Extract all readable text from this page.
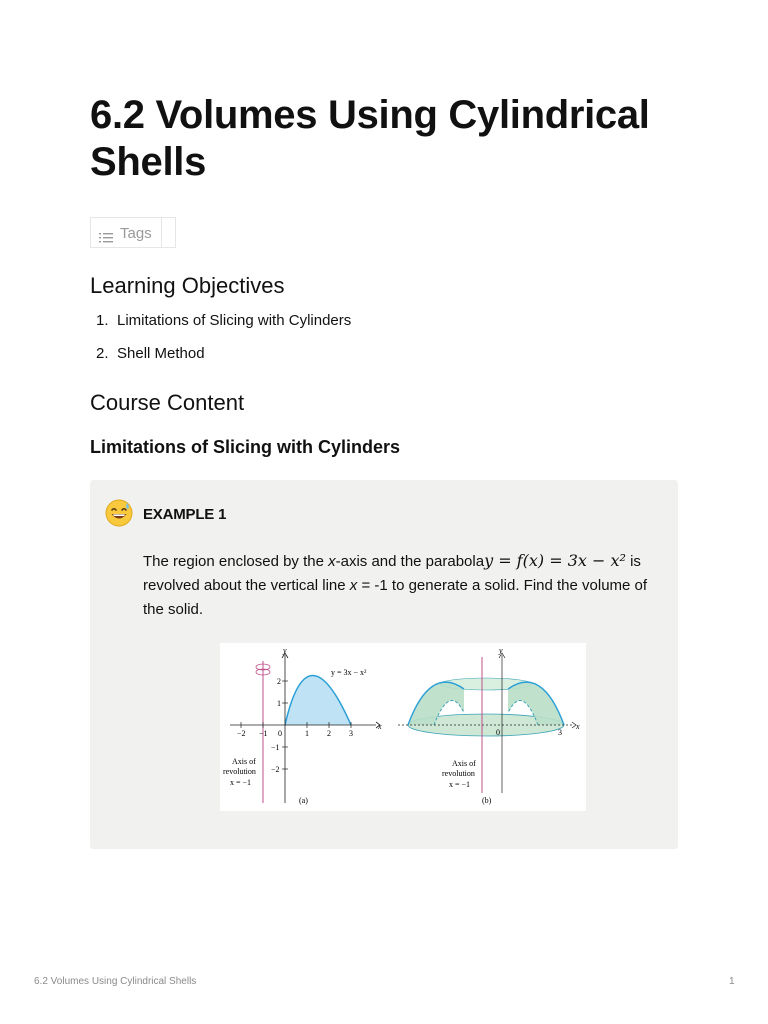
6.2 Volumes Using Cylindrical Shells
Tags
Learning Objectives
1. Limitations of Slicing with Cylinders
2. Shell Method
Course Content
Limitations of Slicing with Cylinders
EXAMPLE 1

The region enclosed by the x-axis and the parabolay = f(x) = 3x − x² is revolved about the vertical line x = -1 to generate a solid. Find the volume of the solid.

−2 −1 0	1 2 3
2
1
−1
−2
x
y
y = 3x − x²
Axis of
revolution
x = −1
(a)
0	3
x
y
Axis of
revolution
x = −1
(b)
6.2 Volumes Using Cylindrical Shells	1
